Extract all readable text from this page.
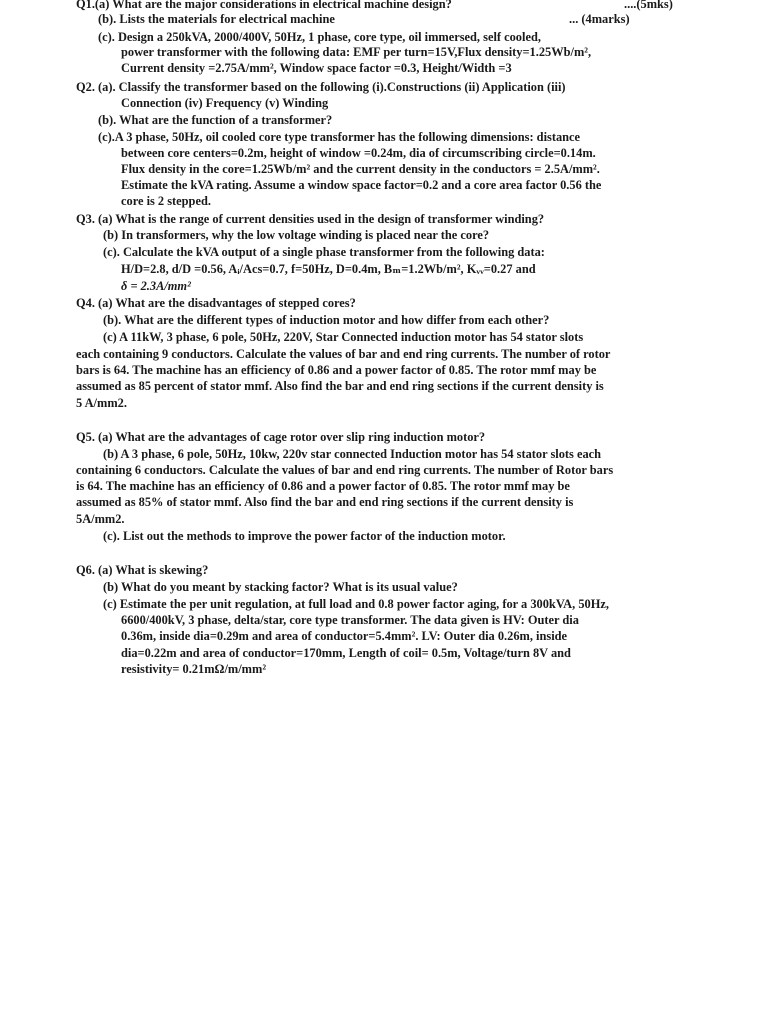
Q1.(a) What are the major considerations in electrical machine design?	....(5mks)
(b). Lists the materials for electrical machine	... (4marks)
(c). Design a 250kVA, 2000/400V, 50Hz, 1 phase, core type, oil immersed, self cooled,
power transformer with the following data: EMF per turn=15V,Flux density=1.25Wb/m²,
Current density =2.75A/mm², Window space factor =0.3, Height/Width =3
Q2. (a). Classify the transformer based on the following (i).Constructions (ii) Application (iii)
Connection (iv) Frequency (v) Winding
(b). What are the function of a transformer?
(c).A 3 phase, 50Hz, oil cooled core type transformer has the following dimensions: distance
between core centers=0.2m, height of window =0.24m, dia of circumscribing circle=0.14m.
Flux density in the core=1.25Wb/m² and the current density in the conductors = 2.5A/mm².
Estimate the kVA rating. Assume a window space factor=0.2 and a core area factor 0.56 the
core is 2 stepped.
Q3. (a) What is the range of current densities used in the design of transformer winding?
(b) In transformers, why the low voltage winding is placed near the core?
(c). Calculate the kVA output of a single phase transformer from the following data:
H/D=2.8, d/D =0.56, Aᵢ/Acs=0.7, f=50Hz, D=0.4m, Bₘ=1.2Wb/m², Kᵥᵥ=0.27 and
δ = 2.3A/mm²
Q4. (a) What are the disadvantages of stepped cores?
(b). What are the different types of induction motor and how differ from each other?
(c) A 11kW, 3 phase, 6 pole, 50Hz, 220V, Star Connected induction motor has 54 stator slots
each containing 9 conductors. Calculate the values of bar and end ring currents. The number of rotor
bars is 64. The machine has an efficiency of 0.86 and a power factor of 0.85. The rotor mmf may be
assumed as 85 percent of stator mmf. Also find the bar and end ring sections if the current density is
5 A/mm2.
Q5. (a) What are the advantages of cage rotor over slip ring induction motor?
(b) A 3 phase, 6 pole, 50Hz, 10kw, 220v star connected Induction motor has 54 stator slots each
containing 6 conductors. Calculate the values of bar and end ring currents. The number of Rotor bars
is 64. The machine has an efficiency of 0.86 and a power factor of 0.85. The rotor mmf may be
assumed as 85% of stator mmf. Also find the bar and end ring sections if the current density is
5A/mm2.
(c). List out the methods to improve the power factor of the induction motor.
Q6. (a) What is skewing?
(b) What do you meant by stacking factor? What is its usual value?
(c) Estimate the per unit regulation, at full load and 0.8 power factor aging, for a 300kVA, 50Hz,
6600/400kV, 3 phase, delta/star, core type transformer. The data given is HV: Outer dia
0.36m, inside dia=0.29m and area of conductor=5.4mm². LV: Outer dia 0.26m, inside
dia=0.22m and area of conductor=170mm, Length of coil= 0.5m, Voltage/turn 8V and
resistivity= 0.21mΩ/m/mm²
